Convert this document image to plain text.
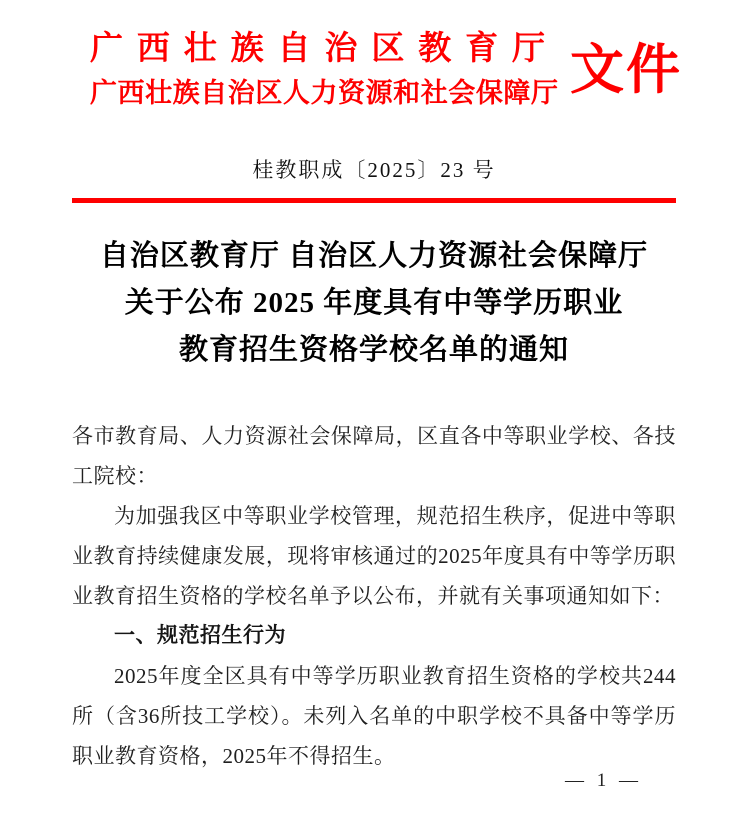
广西壮族自治区教育厅
广西壮族自治区人力资源和社会保障厅 文件
桂教职成〔2025〕23 号
自治区教育厅 自治区人力资源社会保障厅
关于公布 2025 年度具有中等学历职业
教育招生资格学校名单的通知

各市教育局、人力资源社会保障局，区直各中等职业学校、各技工院校：

为加强我区中等职业学校管理，规范招生秩序，促进中等职业教育持续健康发展，现将审核通过的2025年度具有中等学历职业教育招生资格的学校名单予以公布，并就有关事项通知如下：

一、规范招生行为

2025年度全区具有中等学历职业教育招生资格的学校共244所（含36所技工学校）。未列入名单的中职学校不具备中等学历职业教育资格，2025年不得招生。

— 1 —
